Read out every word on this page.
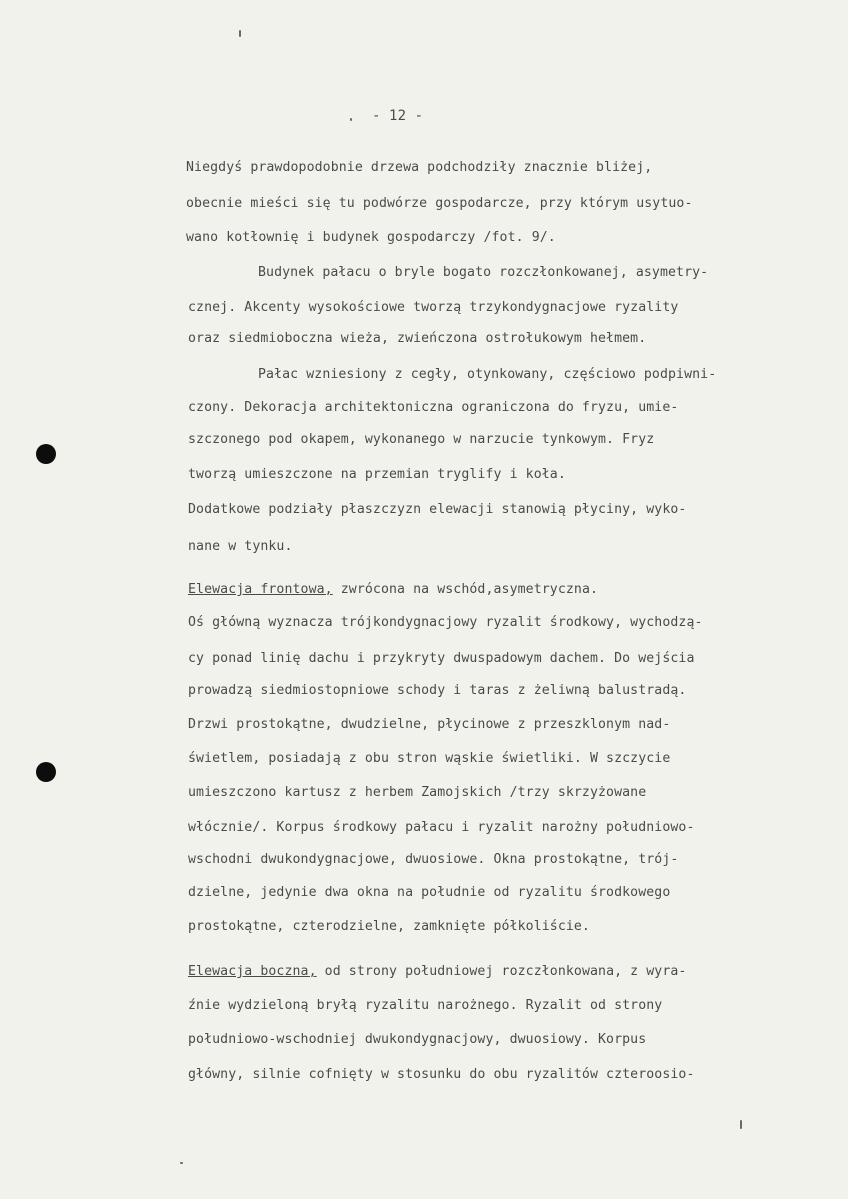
- 12 -
Niegdyś prawdopodobnie drzewa podchodziły znacznie bliżej,
obecnie mieści się tu podwórze gospodarcze, przy którym usytuo-
wano kotłownię i budynek gospodarczy /fot. 9/.
Budynek pałacu o bryle bogato rozczłonkowanej, asymetry-
cznej. Akcenty wysokościowe tworzą trzykondygnacjowe ryzality
oraz siedmioboczna wieża, zwieńczona ostrołukowym hełmem.
Pałac wzniesiony z cegły, otynkowany, częściowo podpiwni-
czony. Dekoracja architektoniczna ograniczona do fryzu, umie-
szczonego pod okapem, wykonanego w narzucie tynkowym. Fryz
tworzą umieszczone na przemian tryglify i koła.
Dodatkowe podziały płaszczyzn elewacji stanowią płyciny, wyko-
nane w tynku.
Elewacja frontowa, zwrócona na wschód,asymetryczna.
Oś główną wyznacza trójkondygnacjowy ryzalit środkowy, wychodzą-
cy ponad linię dachu i przykryty dwuspadowym dachem. Do wejścia
prowadzą siedmiostopniowe schody i taras z żeliwną balustradą.
Drzwi prostokątne, dwudzielne, płycinowe z przeszklonym nad-
świetlem, posiadają z obu stron wąskie świetliki. W szczycie
umieszczono kartusz z herbem Zamojskich /trzy skrzyżowane
włócznie/. Korpus środkowy pałacu i ryzalit narożny południowo-
wschodni dwukondygnacjowe, dwuosiowe. Okna prostokątne, trój-
dzielne, jedynie dwa okna na południe od ryzalitu środkowego
prostokątne, czterodzielne, zamknięte półkoliście.
Elewacja boczna, od strony południowej rozczłonkowana, z wyra-
źnie wydzieloną bryłą ryzalitu narożnego. Ryzalit od strony
południowo-wschodniej dwukondygnacjowy, dwuosiowy. Korpus
główny, silnie cofnięty w stosunku do obu ryzalitów czteroosio-
